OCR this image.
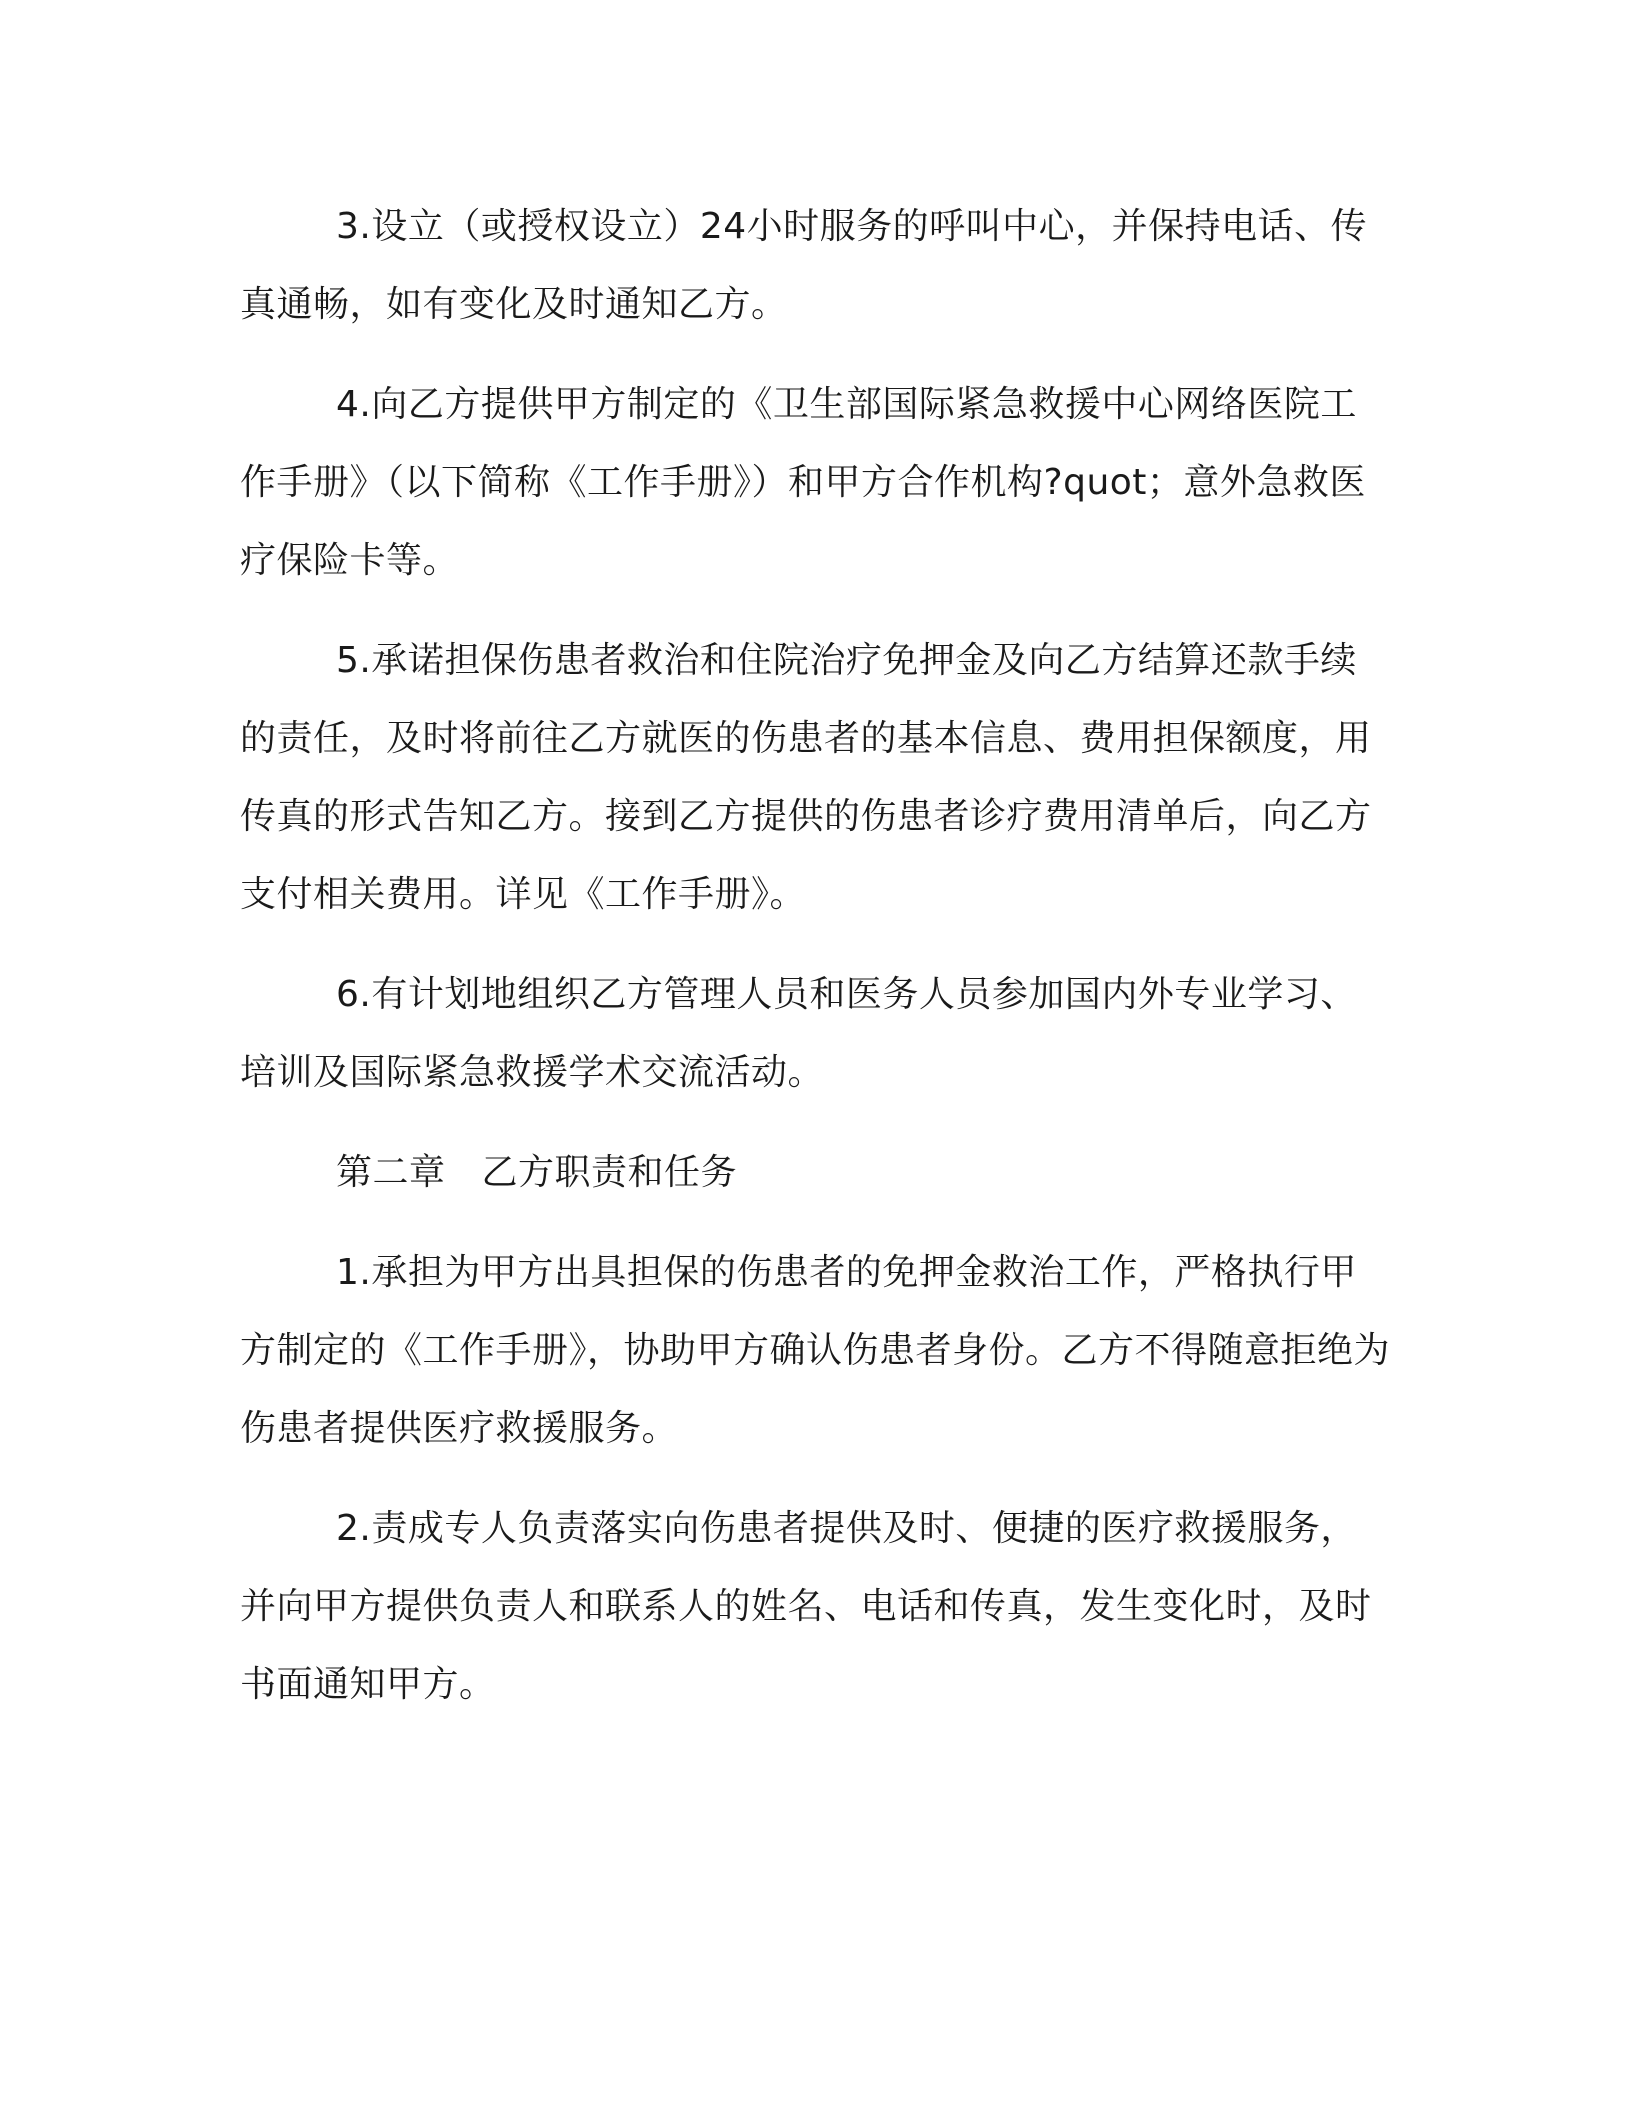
3.设立（或授权设立）24小时服务的呼叫中心，并保持电话、传真通畅，如有变化及时通知乙方。

4.向乙方提供甲方制定的《卫生部国际紧急救援中心网络医院工作手册》（以下简称《工作手册》）和甲方合作机构?quot；意外急救医疗保险卡等。

5.承诺担保伤患者救治和住院治疗免押金及向乙方结算还款手续的责任，及时将前往乙方就医的伤患者的基本信息、费用担保额度，用传真的形式告知乙方。接到乙方提供的伤患者诊疗费用清单后，向乙方支付相关费用。详见《工作手册》。

6.有计划地组织乙方管理人员和医务人员参加国内外专业学习、培训及国际紧急救援学术交流活动。

第二章 乙方职责和任务

1.承担为甲方出具担保的伤患者的免押金救治工作，严格执行甲方制定的《工作手册》，协助甲方确认伤患者身份。乙方不得随意拒绝为伤患者提供医疗救援服务。

2.责成专人负责落实向伤患者提供及时、便捷的医疗救援服务，并向甲方提供负责人和联系人的姓名、电话和传真，发生变化时，及时书面通知甲方。
